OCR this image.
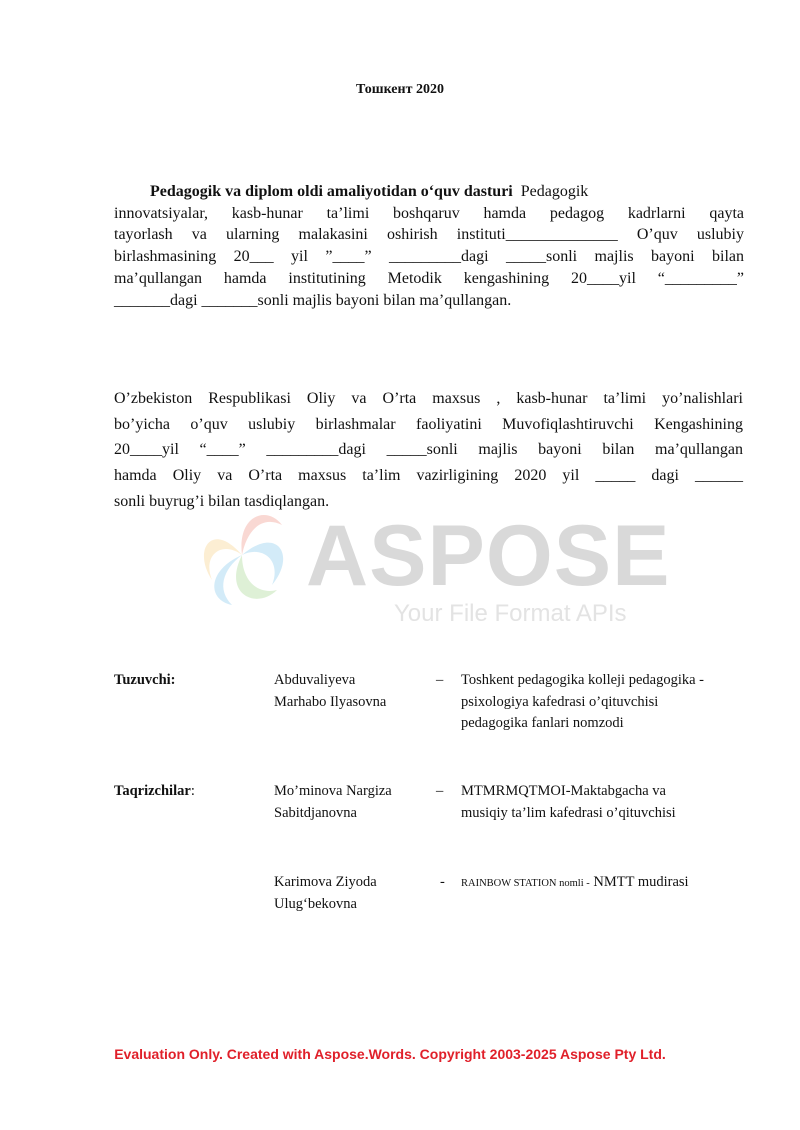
Тошкент 2020
Pedagogik va diplom oldi amaliyotidan o‘quv dasturi Pedagogik
innovatsiyalar, kasb-hunar ta’limi boshqaruv hamda pedagog kadrlarni qayta
tayorlash va ularning malakasini oshirish instituti______________ O’quv uslubiy
birlashmasining 20___ yil ”____” _________dagi _____sonli majlis bayoni bilan
ma’qullangan hamda institutining Metodik kengashining 20____yil “_________”
_______dagi _______sonli majlis bayoni bilan ma’qullangan.
O’zbekiston Respublikasi Oliy va O’rta maxsus , kasb-hunar ta’limi yo’nalishlari
bo’yicha o’quv uslubiy birlashmalar faoliyatini Muvofiqlashtiruvchi Kengashining
20____yil “____” _________dagi _____sonli majlis bayoni bilan ma’qullangan
hamda Oliy va O’rta maxsus ta’lim vazirligining 2020 yil _____ dagi ______
sonli buyrug’i bilan tasdiqlangan.
ASPOSE
Your File Format APIs
Tuzuvchi:	Abduvaliyeva
Marhabo Ilyasovna
– Toshkent pedagogika kolleji pedagogika -
psixologiya kafedrasi o’qituvchisi
pedagogika fanlari nomzodi
Taqrizchilar:	Mo’minova Nargiza
Sabitdjanovna
– MTMRMQTMOI-Maktabgacha va
musiqiy ta’lim kafedrasi o’qituvchisi
Karimova Ziyoda
Ulug‘bekovna
- RAINBOW STATION nomli - NMTT mudirasi
Evaluation Only. Created with Aspose.Words. Copyright 2003-2025 Aspose Pty Ltd.
